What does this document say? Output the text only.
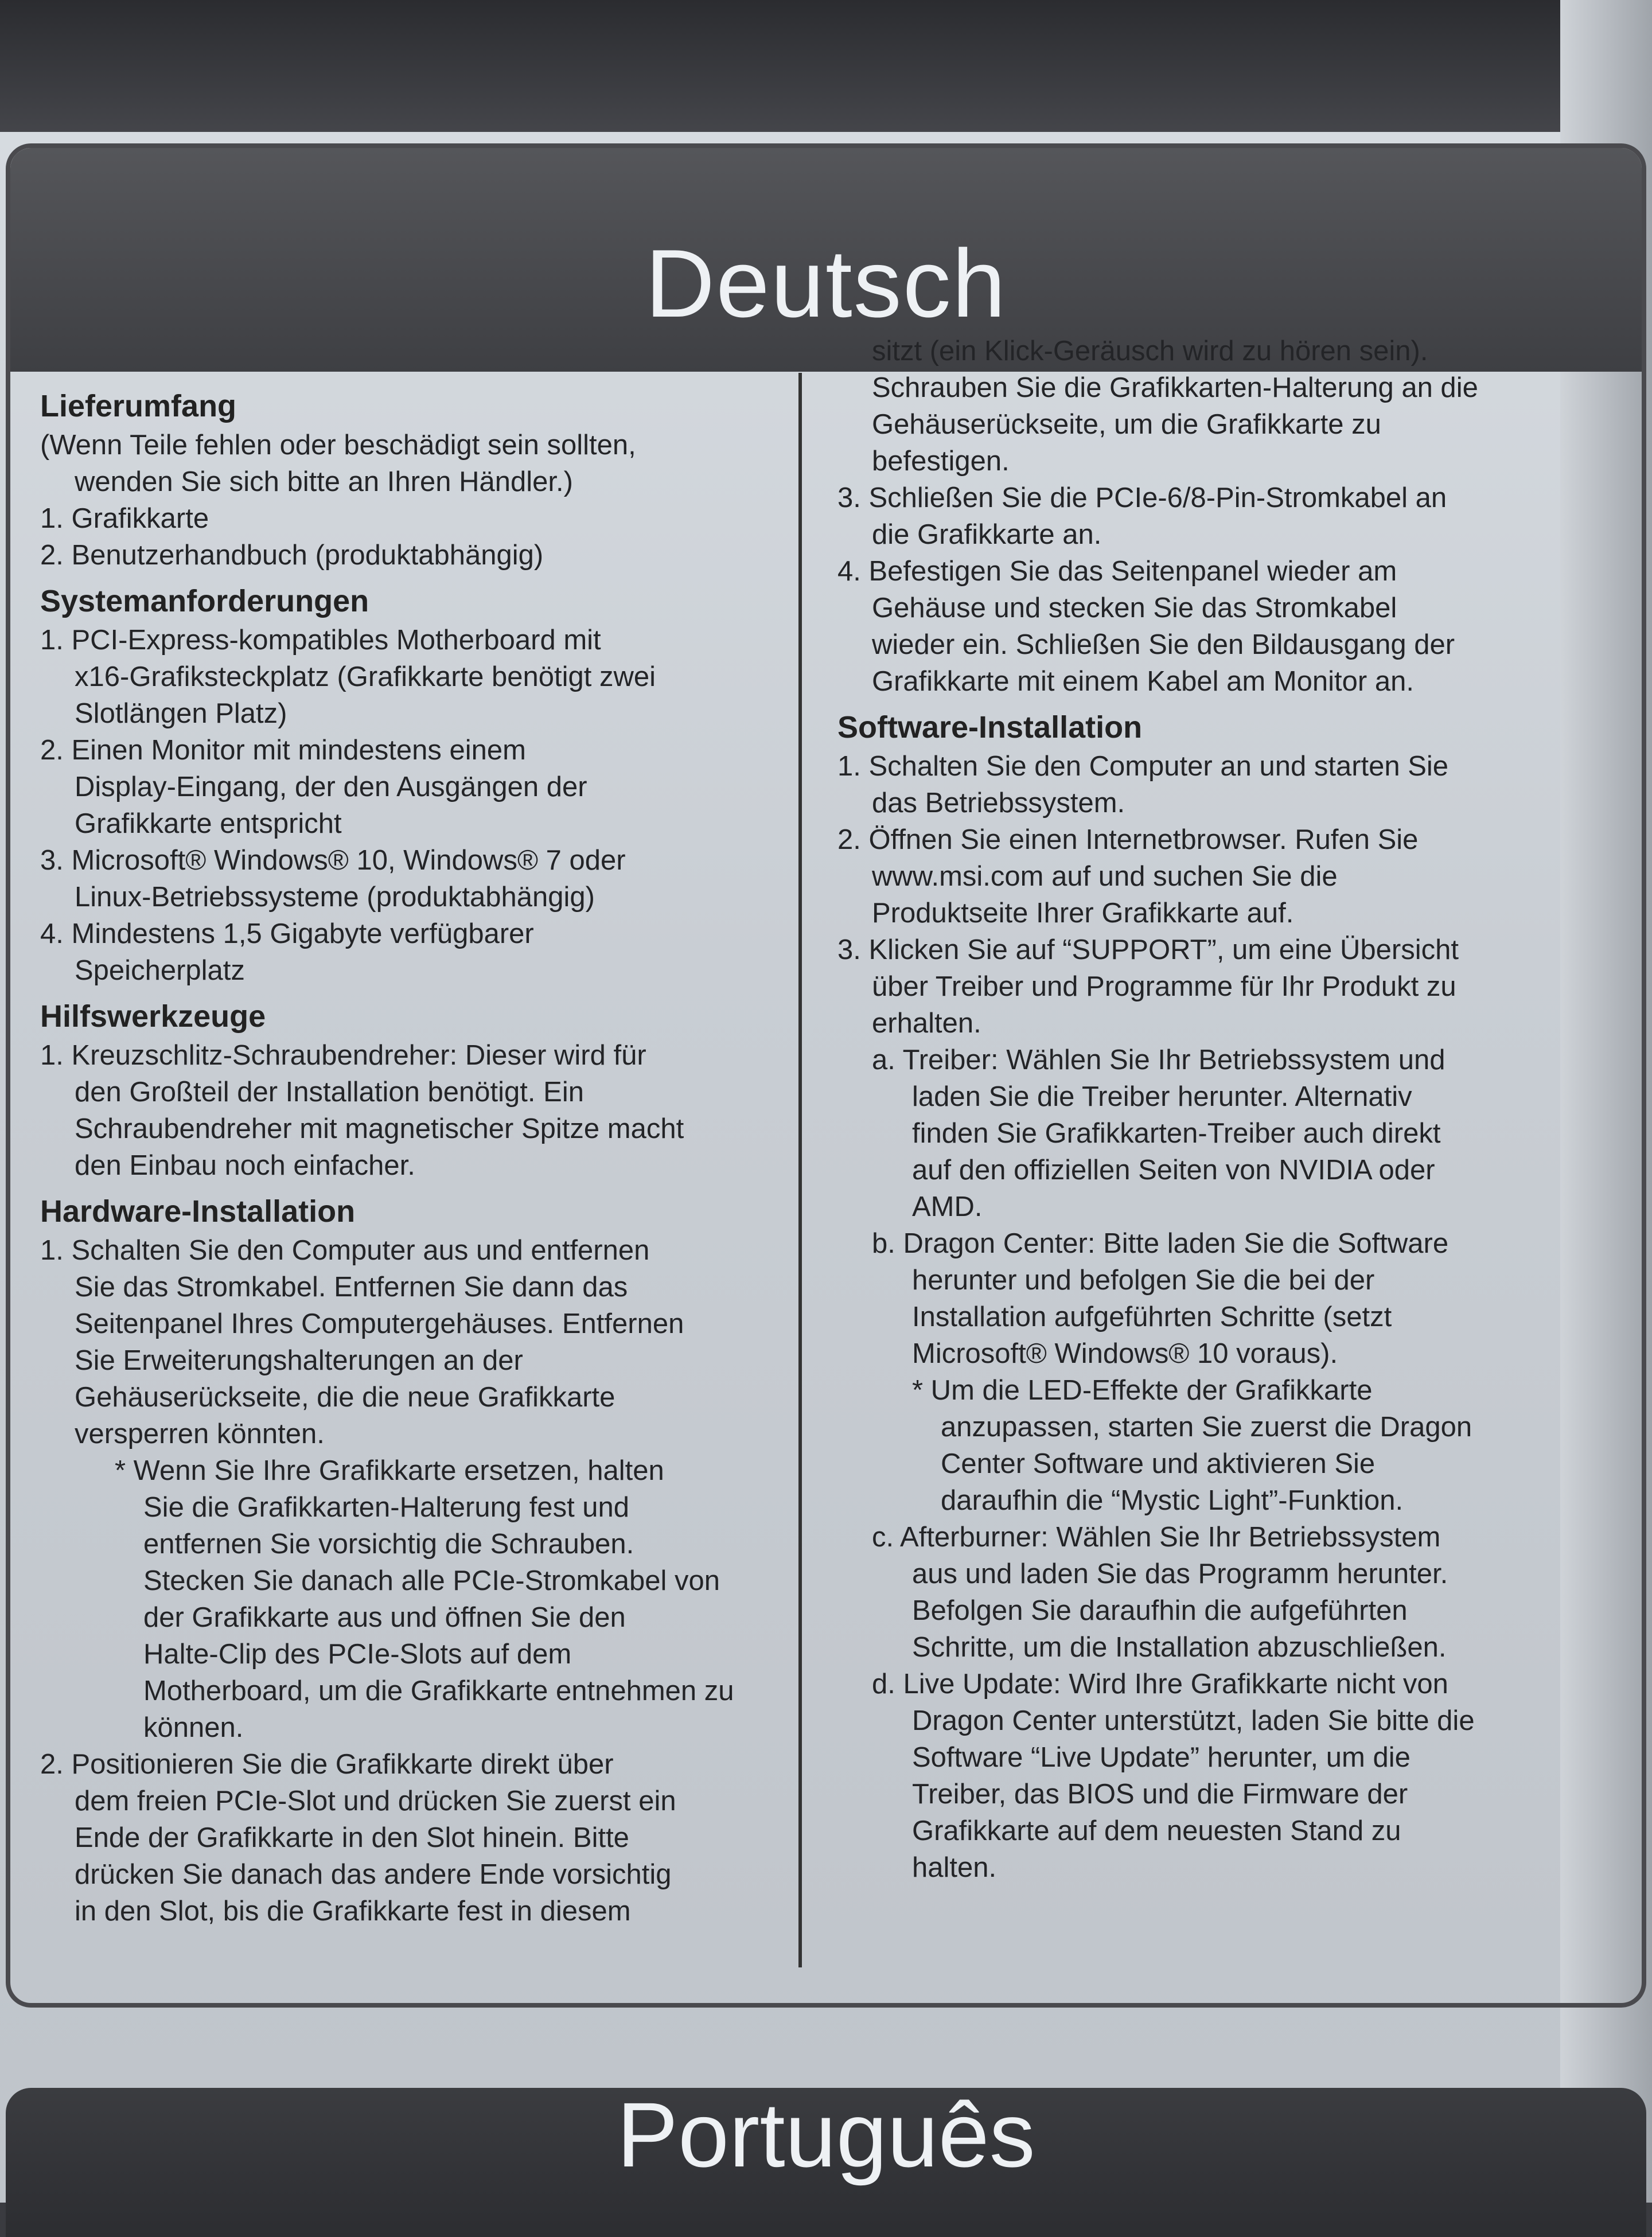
Deutsch
Lieferumfang
(Wenn Teile fehlen oder beschädigt sein sollten,
wenden Sie sich bitte an Ihren Händler.)
1. Grafikkarte
2. Benutzerhandbuch (produktabhängig)
Systemanforderungen
1. PCI-Express-kompatibles Motherboard mit
x16-Grafiksteckplatz (Grafikkarte benötigt zwei
Slotlängen Platz)
2. Einen Monitor mit mindestens einem
Display-Eingang, der den Ausgängen der
Grafikkarte entspricht
3. Microsoft® Windows® 10, Windows® 7 oder
Linux-Betriebssysteme (produktabhängig)
4. Mindestens 1,5 Gigabyte verfügbarer
Speicherplatz
Hilfswerkzeuge
1. Kreuzschlitz-Schraubendreher: Dieser wird für
den Großteil der Installation benötigt. Ein
Schraubendreher mit magnetischer Spitze macht
den Einbau noch einfacher.
Hardware-Installation
1. Schalten Sie den Computer aus und entfernen
Sie das Stromkabel. Entfernen Sie dann das
Seitenpanel Ihres Computergehäuses. Entfernen
Sie Erweiterungshalterungen an der
Gehäuserückseite, die die neue Grafikkarte
versperren könnten.
* Wenn Sie Ihre Grafikkarte ersetzen, halten
Sie die Grafikkarten-Halterung fest und
entfernen Sie vorsichtig die Schrauben.
Stecken Sie danach alle PCIe-Stromkabel von
der Grafikkarte aus und öffnen Sie den
Halte-Clip des PCIe-Slots auf dem
Motherboard, um die Grafikkarte entnehmen zu
können.
2. Positionieren Sie die Grafikkarte direkt über
dem freien PCIe-Slot und drücken Sie zuerst ein
Ende der Grafikkarte in den Slot hinein. Bitte
drücken Sie danach das andere Ende vorsichtig
in den Slot, bis die Grafikkarte fest in diesem
sitzt (ein Klick-Geräusch wird zu hören sein).
Schrauben Sie die Grafikkarten-Halterung an die
Gehäuserückseite, um die Grafikkarte zu
befestigen.
3. Schließen Sie die PCIe-6/8-Pin-Stromkabel an
die Grafikkarte an.
4. Befestigen Sie das Seitenpanel wieder am
Gehäuse und stecken Sie das Stromkabel
wieder ein. Schließen Sie den Bildausgang der
Grafikkarte mit einem Kabel am Monitor an.
Software-Installation
1. Schalten Sie den Computer an und starten Sie
das Betriebssystem.
2. Öffnen Sie einen Internetbrowser. Rufen Sie
www.msi.com auf und suchen Sie die
Produktseite Ihrer Grafikkarte auf.
3. Klicken Sie auf “SUPPORT”, um eine Übersicht
über Treiber und Programme für Ihr Produkt zu
erhalten.
a. Treiber: Wählen Sie Ihr Betriebssystem und
laden Sie die Treiber herunter. Alternativ
finden Sie Grafikkarten-Treiber auch direkt
auf den offiziellen Seiten von NVIDIA oder
AMD.
b. Dragon Center: Bitte laden Sie die Software
herunter und befolgen Sie die bei der
Installation aufgeführten Schritte (setzt
Microsoft® Windows® 10 voraus).
* Um die LED-Effekte der Grafikkarte
anzupassen, starten Sie zuerst die Dragon
Center Software und aktivieren Sie
daraufhin die “Mystic Light”-Funktion.
c. Afterburner: Wählen Sie Ihr Betriebssystem
aus und laden Sie das Programm herunter.
Befolgen Sie daraufhin die aufgeführten
Schritte, um die Installation abzuschließen.
d. Live Update: Wird Ihre Grafikkarte nicht von
Dragon Center unterstützt, laden Sie bitte die
Software “Live Update” herunter, um die
Treiber, das BIOS und die Firmware der
Grafikkarte auf dem neuesten Stand zu
halten.
Português
